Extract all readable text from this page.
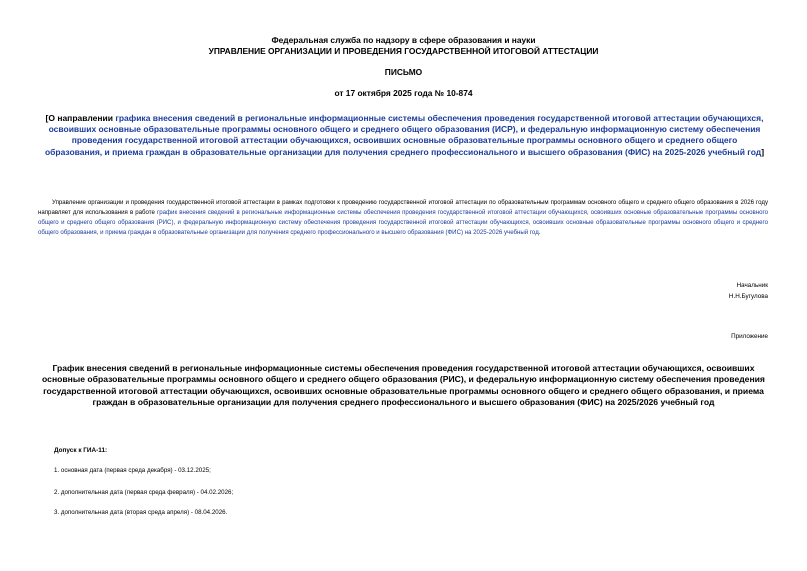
Федеральная служба по надзору в сфере образования и науки
УПРАВЛЕНИЕ ОРГАНИЗАЦИИ И ПРОВЕДЕНИЯ ГОСУДАРСТВЕННОЙ ИТОГОВОЙ АТТЕСТАЦИИ
ПИСЬМО
от 17 октября 2025 года № 10-874
[О направлении графика внесения сведений в региональные информационные системы обеспечения проведения государственной итоговой аттестации обучающихся, освоивших основные образовательные программы основного общего и среднего общего образования (ИСР), и федеральную информационную систему обеспечения проведения государственной итоговой аттестации обучающихся, освоивших основные образовательные программы основного общего и среднего общего образования, и приема граждан в образовательные организации для получения среднего профессионального и высшего образования (ФИС) на 2025-2026 учебный год]
Управление организации и проведения государственной итоговой аттестации в рамках подготовки к проведению государственной итоговой аттестации по образовательным программам основного общего и среднего общего образования в 2026 году направляет для использования в работе график внесения сведений в региональные информационные системы обеспечения проведения государственной итоговой аттестации обучающихся, освоивших основные образовательные программы основного общего и среднего общего образования (РИС), и федеральную информационную систему обеспечения проведения государственной итоговой аттестации обучающихся, освоивших основные образовательные программы основного общего и среднего общего образования, и приема граждан в образовательные организации для получения среднего профессионального и высшего образования (ФИС) на 2025-2026 учебный год.
Начальник
Н.Н.Бугулова
Приложение
График внесения сведений в региональные информационные системы обеспечения проведения государственной итоговой аттестации обучающихся, освоивших основные образовательные программы основного общего и среднего общего образования (РИС), и федеральную информационную систему обеспечения проведения государственной итоговой аттестации обучающихся, освоивших основные образовательные программы основного общего и среднего общего образования, и приема граждан в образовательные организации для получения среднего профессионального и высшего образования (ФИС) на 2025/2026 учебный год
Допуск к ГИА-11:
1. основная дата (первая среда декабря) - 03.12.2025;
2. дополнительная дата (первая среда февраля) - 04.02.2026;
3. дополнительная дата (вторая среда апреля) - 08.04.2026.
